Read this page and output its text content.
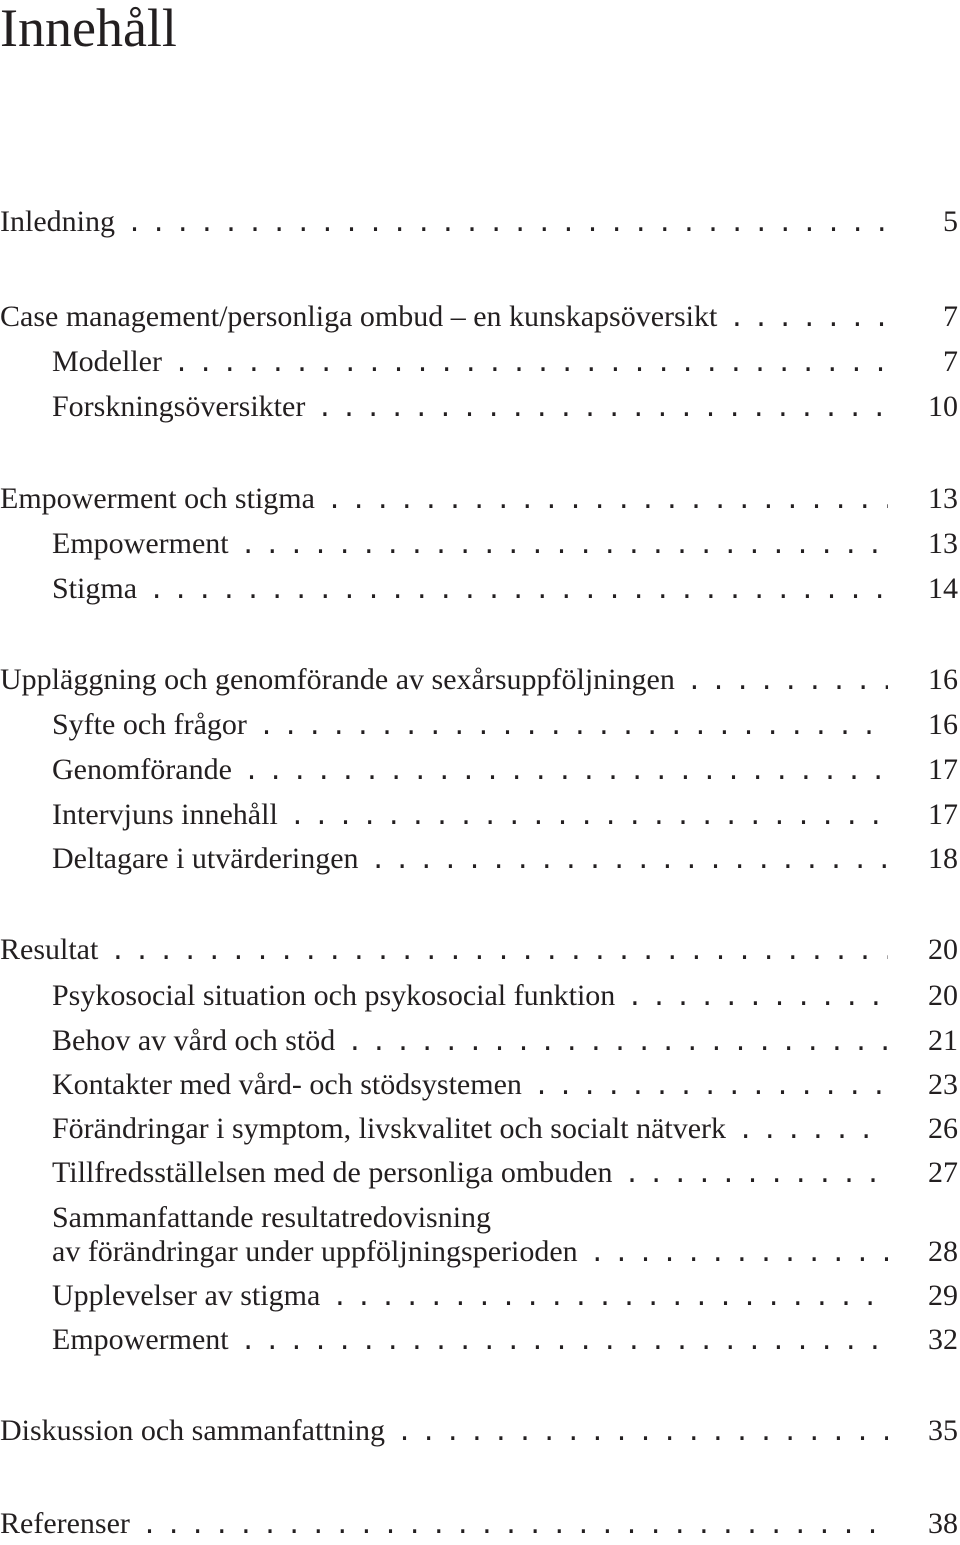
Innehåll
Inledning . . .	5
Case management/personliga ombud – en kunskapsöversikt . . .	7
Modeller . . .	7
Forskningsöversikter . . .	10
Empowerment och stigma . . .	13
Empowerment . . .	13
Stigma . . .	14
Uppläggning och genomförande av sexårsuppföljningen . . .	16
Syfte och frågor . . .	16
Genomförande . . .	17
Intervjuns innehåll . . .	17
Deltagare i utvärderingen . . .	18
Resultat . . .	20
Psykosocial situation och psykosocial funktion . . .	20
Behov av vård och stöd . . .	21
Kontakter med vård- och stödsystemen . . .	23
Förändringar i symptom, livskvalitet och socialt nätverk . . .	26
Tillfredsställelsen med de personliga ombuden . . .	27
Sammanfattande resultatredovisning
av förändringar under uppföljningsperioden . . .	28
Upplevelser av stigma . . .	29
Empowerment . . .	32
Diskussion och sammanfattning . . .	35
Referenser . . .	38
